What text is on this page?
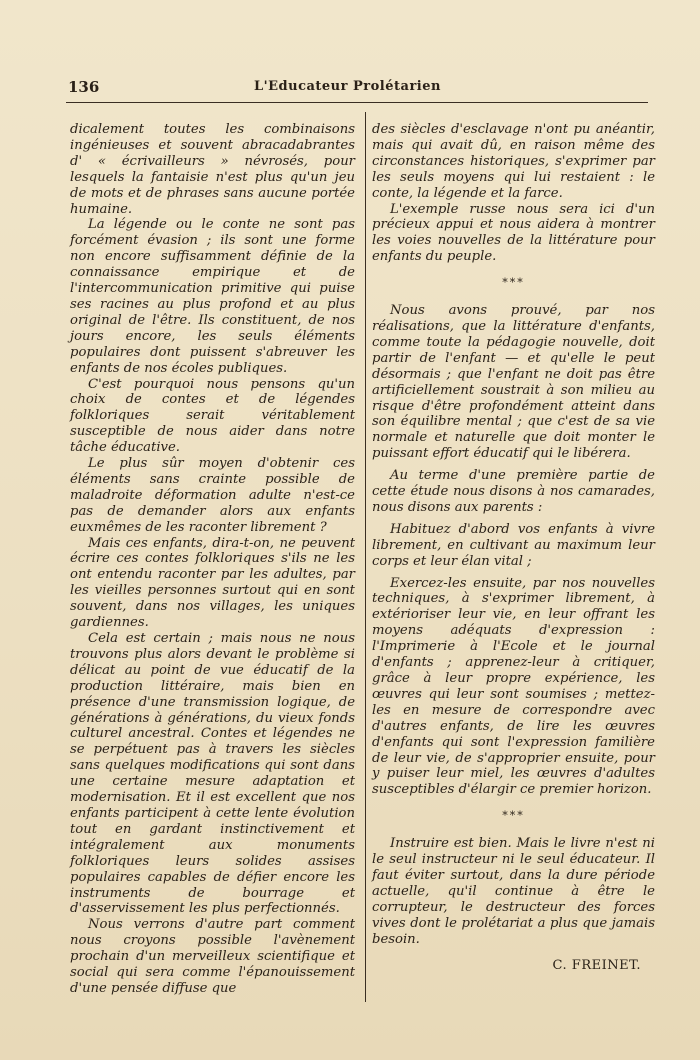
136	L'Educateur Prolétarien

dicalement toutes les combinaisons ingénieuses et souvent abracadabrantes d' « écrivailleurs » névrosés, pour lesquels la fantaisie n'est plus qu'un jeu de mots et de phrases sans aucune portée humaine.

La légende ou le conte ne sont pas forcément évasion ; ils sont une forme non encore suffisamment définie de la connaissance empirique et de l'intercommunication primitive qui puise ses racines au plus profond et au plus original de l'être. Ils constituent, de nos jours encore, les seuls éléments populaires dont puissent s'abreuver les enfants de nos écoles publiques.

C'est pourquoi nous pensons qu'un choix de contes et de légendes folkloriques serait véritablement susceptible de nous aider dans notre tâche éducative.

Le plus sûr moyen d'obtenir ces éléments sans crainte possible de maladroite déformation adulte n'est-ce pas de demander alors aux enfants euxmêmes de les raconter librement ?

Mais ces enfants, dira-t-on, ne peuvent écrire ces contes folkloriques s'ils ne les ont entendu raconter par les adultes, par les vieilles personnes surtout qui en sont souvent, dans nos villages, les uniques gardiennes.

Cela est certain ; mais nous ne nous trouvons plus alors devant le problème si délicat au point de vue éducatif de la production littéraire, mais bien en présence d'une transmission logique, de générations à générations, du vieux fonds culturel ancestral. Contes et légendes ne se perpétuent pas à travers les siècles sans quelques modifications qui sont dans une certaine mesure adaptation et modernisation. Et il est excellent que nos enfants participent à cette lente évolution tout en gardant instinctivement et intégralement aux monuments folkloriques leurs solides assises populaires capables de défier encore les instruments de bourrage et d'asservissement les plus perfectionnés.

Nous verrons d'autre part comment nous croyons possible l'avènement prochain d'un merveilleux scientifique et social qui sera comme l'épanouissement d'une pensée diffuse que

des siècles d'esclavage n'ont pu anéantir, mais qui avait dû, en raison même des circonstances historiques, s'exprimer par les seuls moyens qui lui restaient : le conte, la légende et la farce.

L'exemple russe nous sera ici d'un précieux appui et nous aidera à montrer les voies nouvelles de la littérature pour enfants du peuple.

***

Nous avons prouvé, par nos réalisations, que la littérature d'enfants, comme toute la pédagogie nouvelle, doit partir de l'enfant — et qu'elle le peut désormais ; que l'enfant ne doit pas être artificiellement soustrait à son milieu au risque d'être profondément atteint dans son équilibre mental ; que c'est de sa vie normale et naturelle que doit monter le puissant effort éducatif qui le libérera.

Au terme d'une première partie de cette étude nous disons à nos camarades, nous disons aux parents :

Habituez d'abord vos enfants à vivre librement, en cultivant au maximum leur corps et leur élan vital ;

Exercez-les ensuite, par nos nouvelles techniques, à s'exprimer librement, à extérioriser leur vie, en leur offrant les moyens adéquats d'expression : l'Imprimerie à l'Ecole et le journal d'enfants ; apprenez-leur à critiquer, grâce à leur propre expérience, les œuvres qui leur sont soumises ; mettez-les en mesure de correspondre avec d'autres enfants, de lire les œuvres d'enfants qui sont l'expression familière de leur vie, de s'approprier ensuite, pour y puiser leur miel, les œuvres d'adultes susceptibles d'élargir ce premier horizon.

***

Instruire est bien. Mais le livre n'est ni le seul instructeur ni le seul éducateur. Il faut éviter surtout, dans la dure période actuelle, qu'il continue à être le corrupteur, le destructeur des forces vives dont le prolétariat a plus que jamais besoin.

C. FREINET.
